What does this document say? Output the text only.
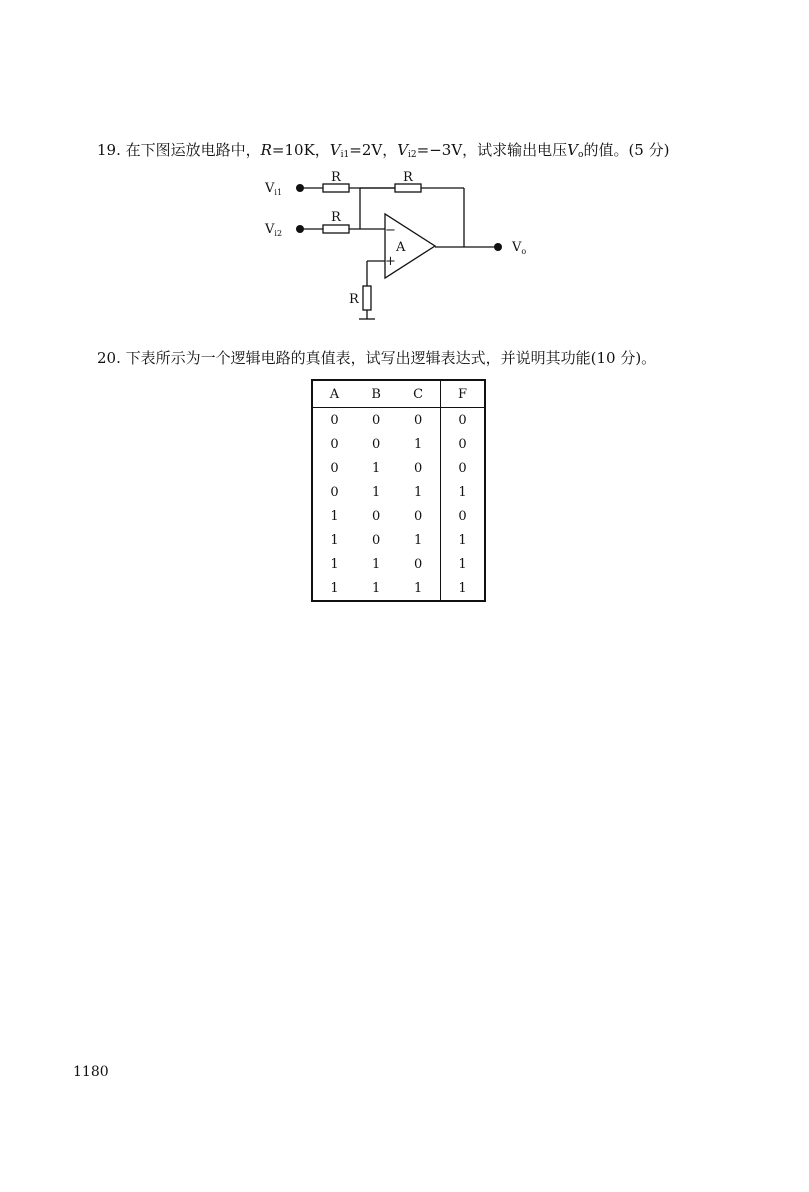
19. 在下图运放电路中，R=10K，$V_{i1}=2V$，$V_{i2}=-3V$，试求输出电压$V_o$的值。(5 分)
$V_{i1}$
$V_{i2}$
$V_o$
R	R
R
R
A
−
+
20. 下表所示为一个逻辑电路的真值表，试写出逻辑表达式，并说明其功能(10 分)。
A	B	C	F
0	0	0	0
0	0	1	0
0	1	0	0
0	1	1	1
1	0	0	0
1	0	1	1
1	1	0	1
1	1	1	1
1180
